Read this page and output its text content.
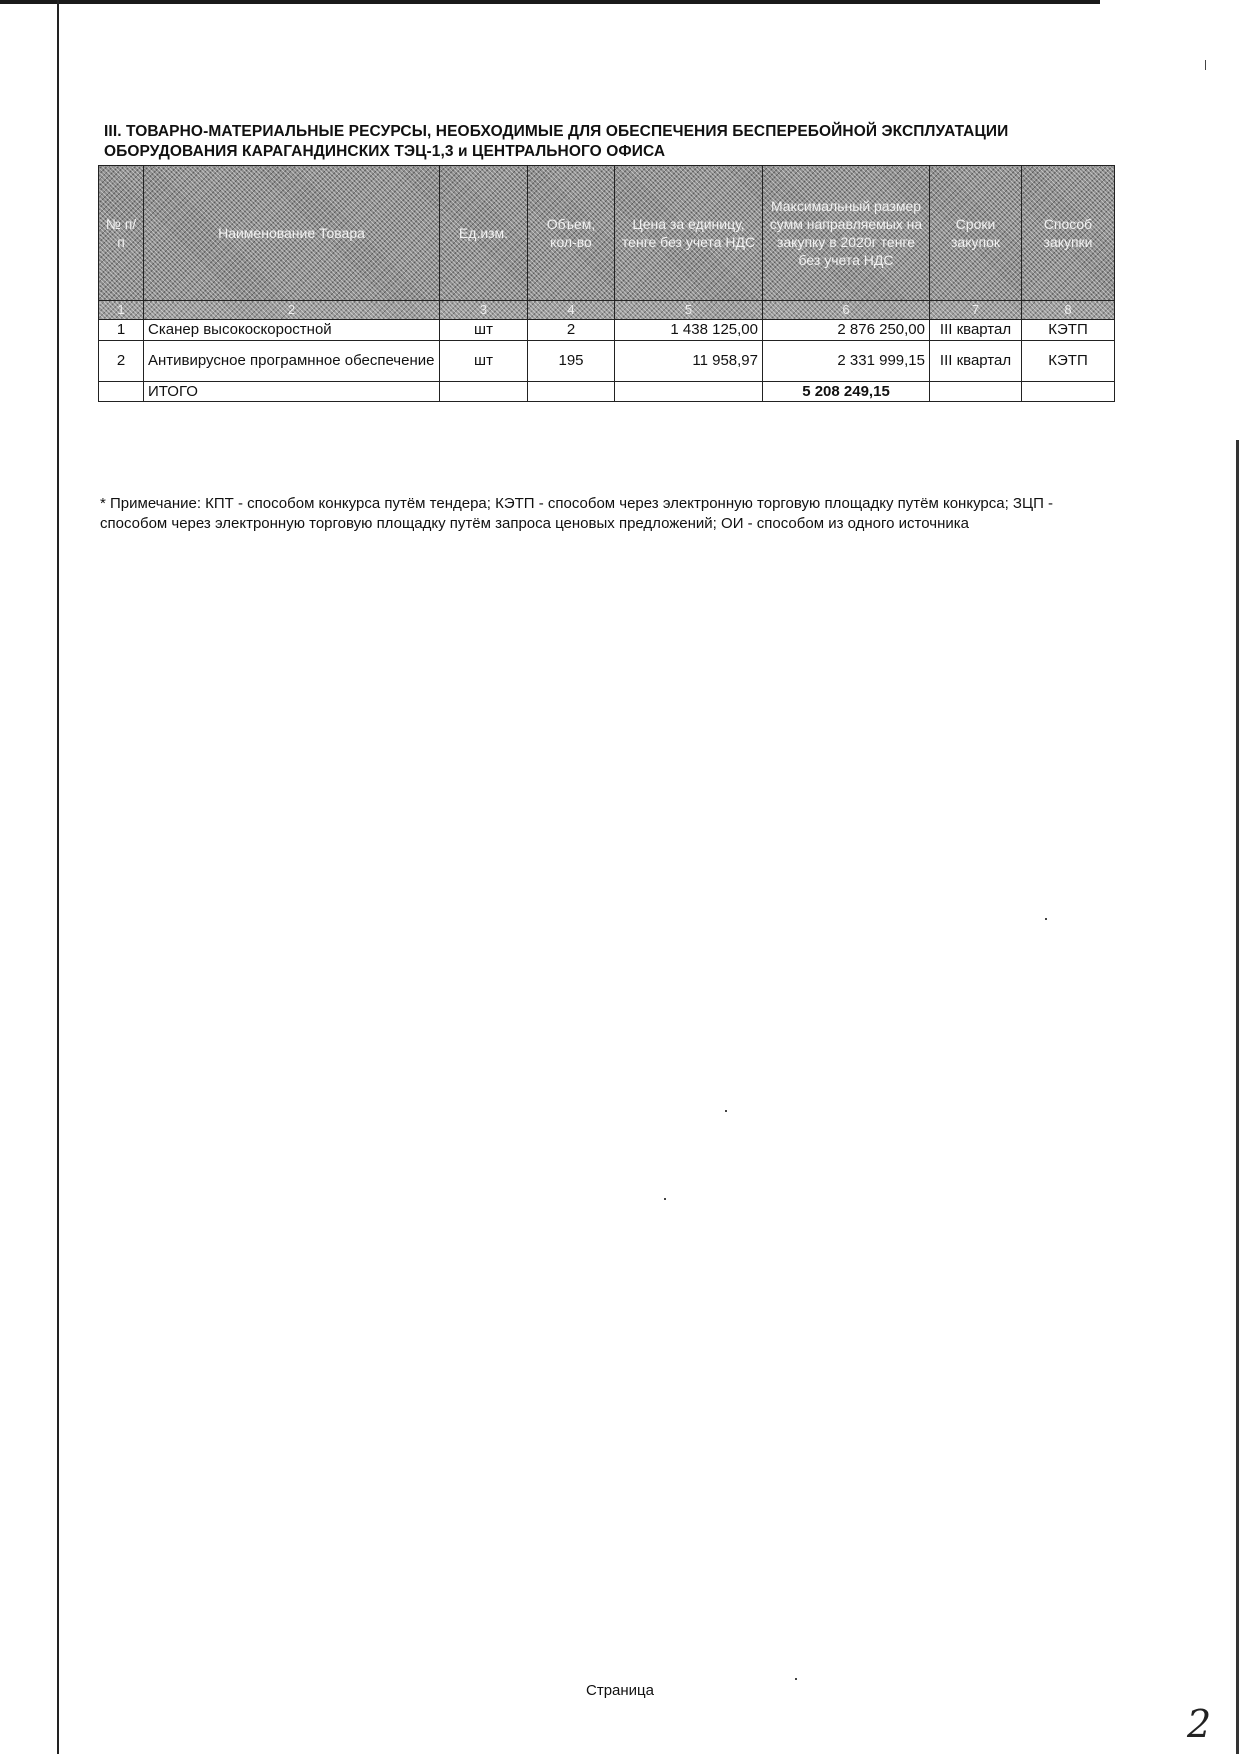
III. ТОВАРНО-МАТЕРИАЛЬНЫЕ РЕСУРСЫ, НЕОБХОДИМЫЕ ДЛЯ ОБЕСПЕЧЕНИЯ БЕСПЕРЕБОЙНОЙ ЭКСПЛУАТАЦИИ
ОБОРУДОВАНИЯ КАРАГАНДИНСКИХ ТЭЦ-1,3 и ЦЕНТРАЛЬНОГО ОФИСА
№ п/п	Наименование Товара	Ед.изм.	Объем, кол-во	Цена за единицу, тенге без учета НДС	Максимальный размер сумм направляемых на закупку в 2020г тенге без учета НДС	Сроки закупок	Способ закупки
1	2	3	4	5	6	7	8
1	Сканер высокоскоростной	шт	2	1 438 125,00	2 876 250,00	III квартал	КЭТП
2	Антивирусное програмнное обеспечение	шт	195	11 958,97	2 331 999,15	III квартал	КЭТП
	ИТОГО				5 208 249,15		
* Примечание: КПТ - способом конкурса путём тендера; КЭТП - способом через электронную торговую площадку путём конкурса; ЗЦП - способом через электронную торговую площадку путём запроса ценовых предложений; ОИ - способом из одного источника
Страница
2
